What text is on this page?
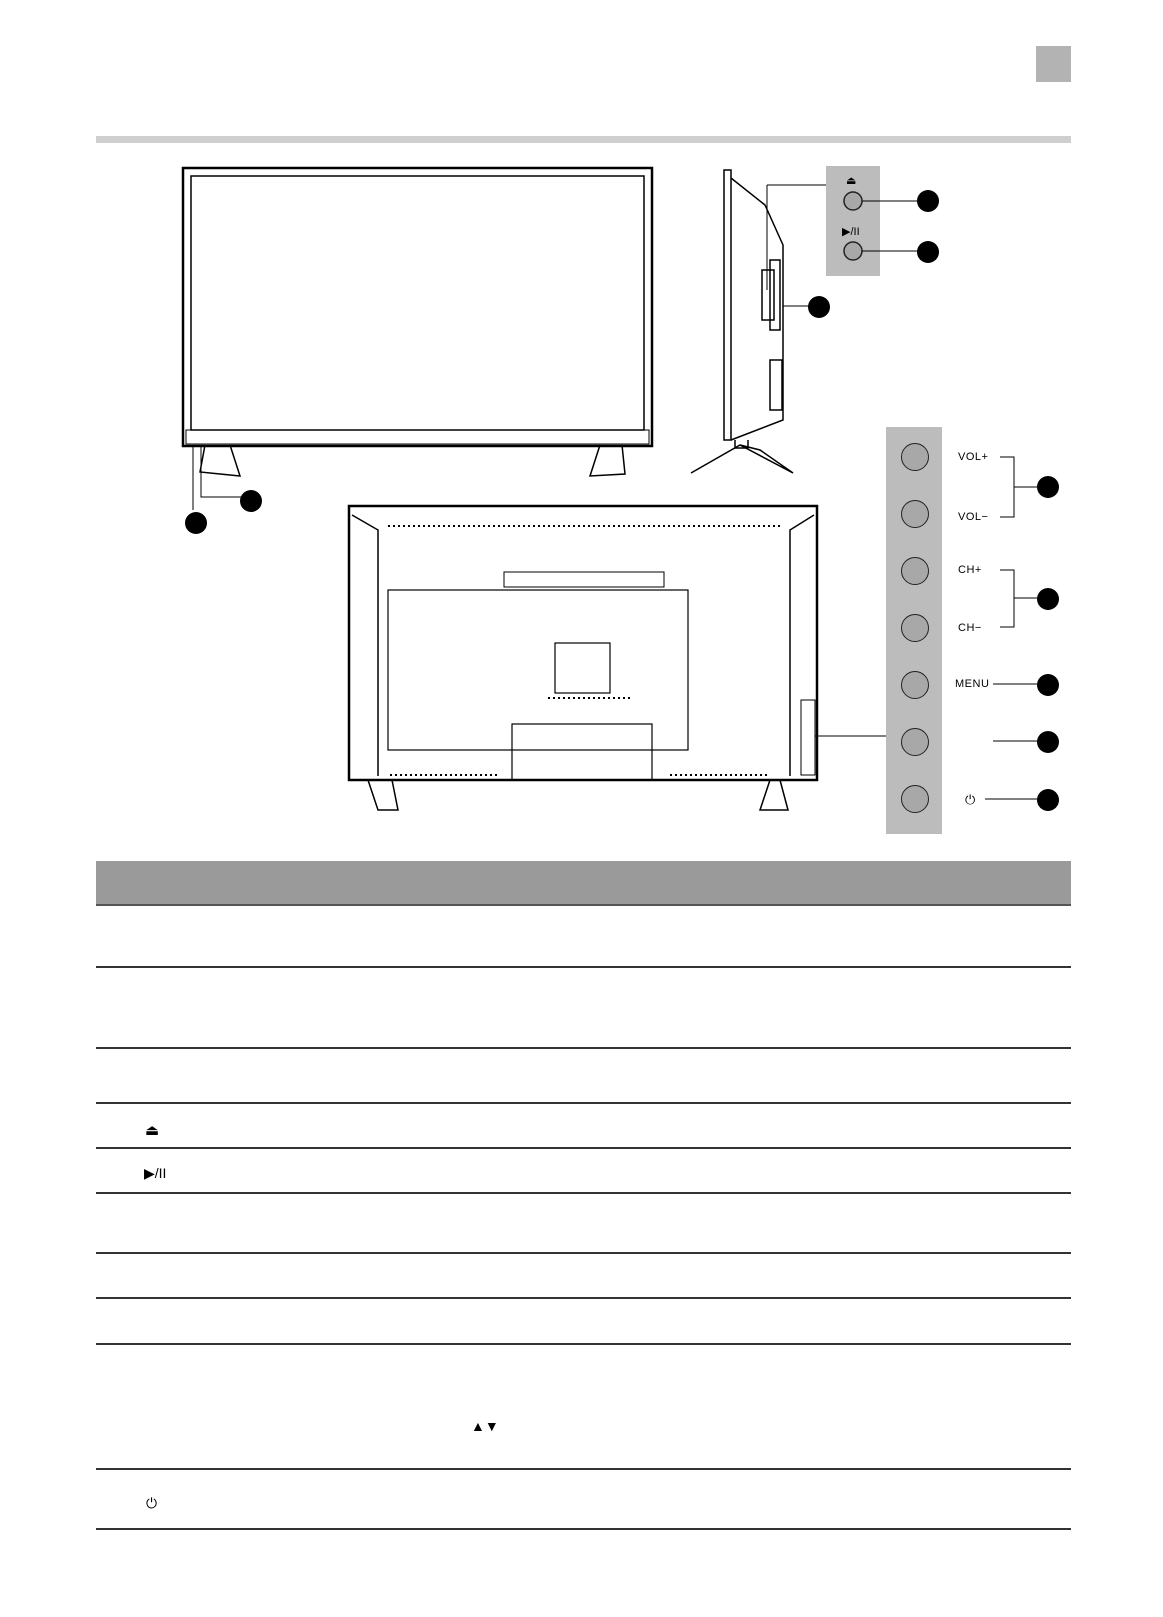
⏏
▶/II
VOL+
VOL−
CH+
CH−
MENU
⏻
⏏
▶/II
▲▼
⏻
